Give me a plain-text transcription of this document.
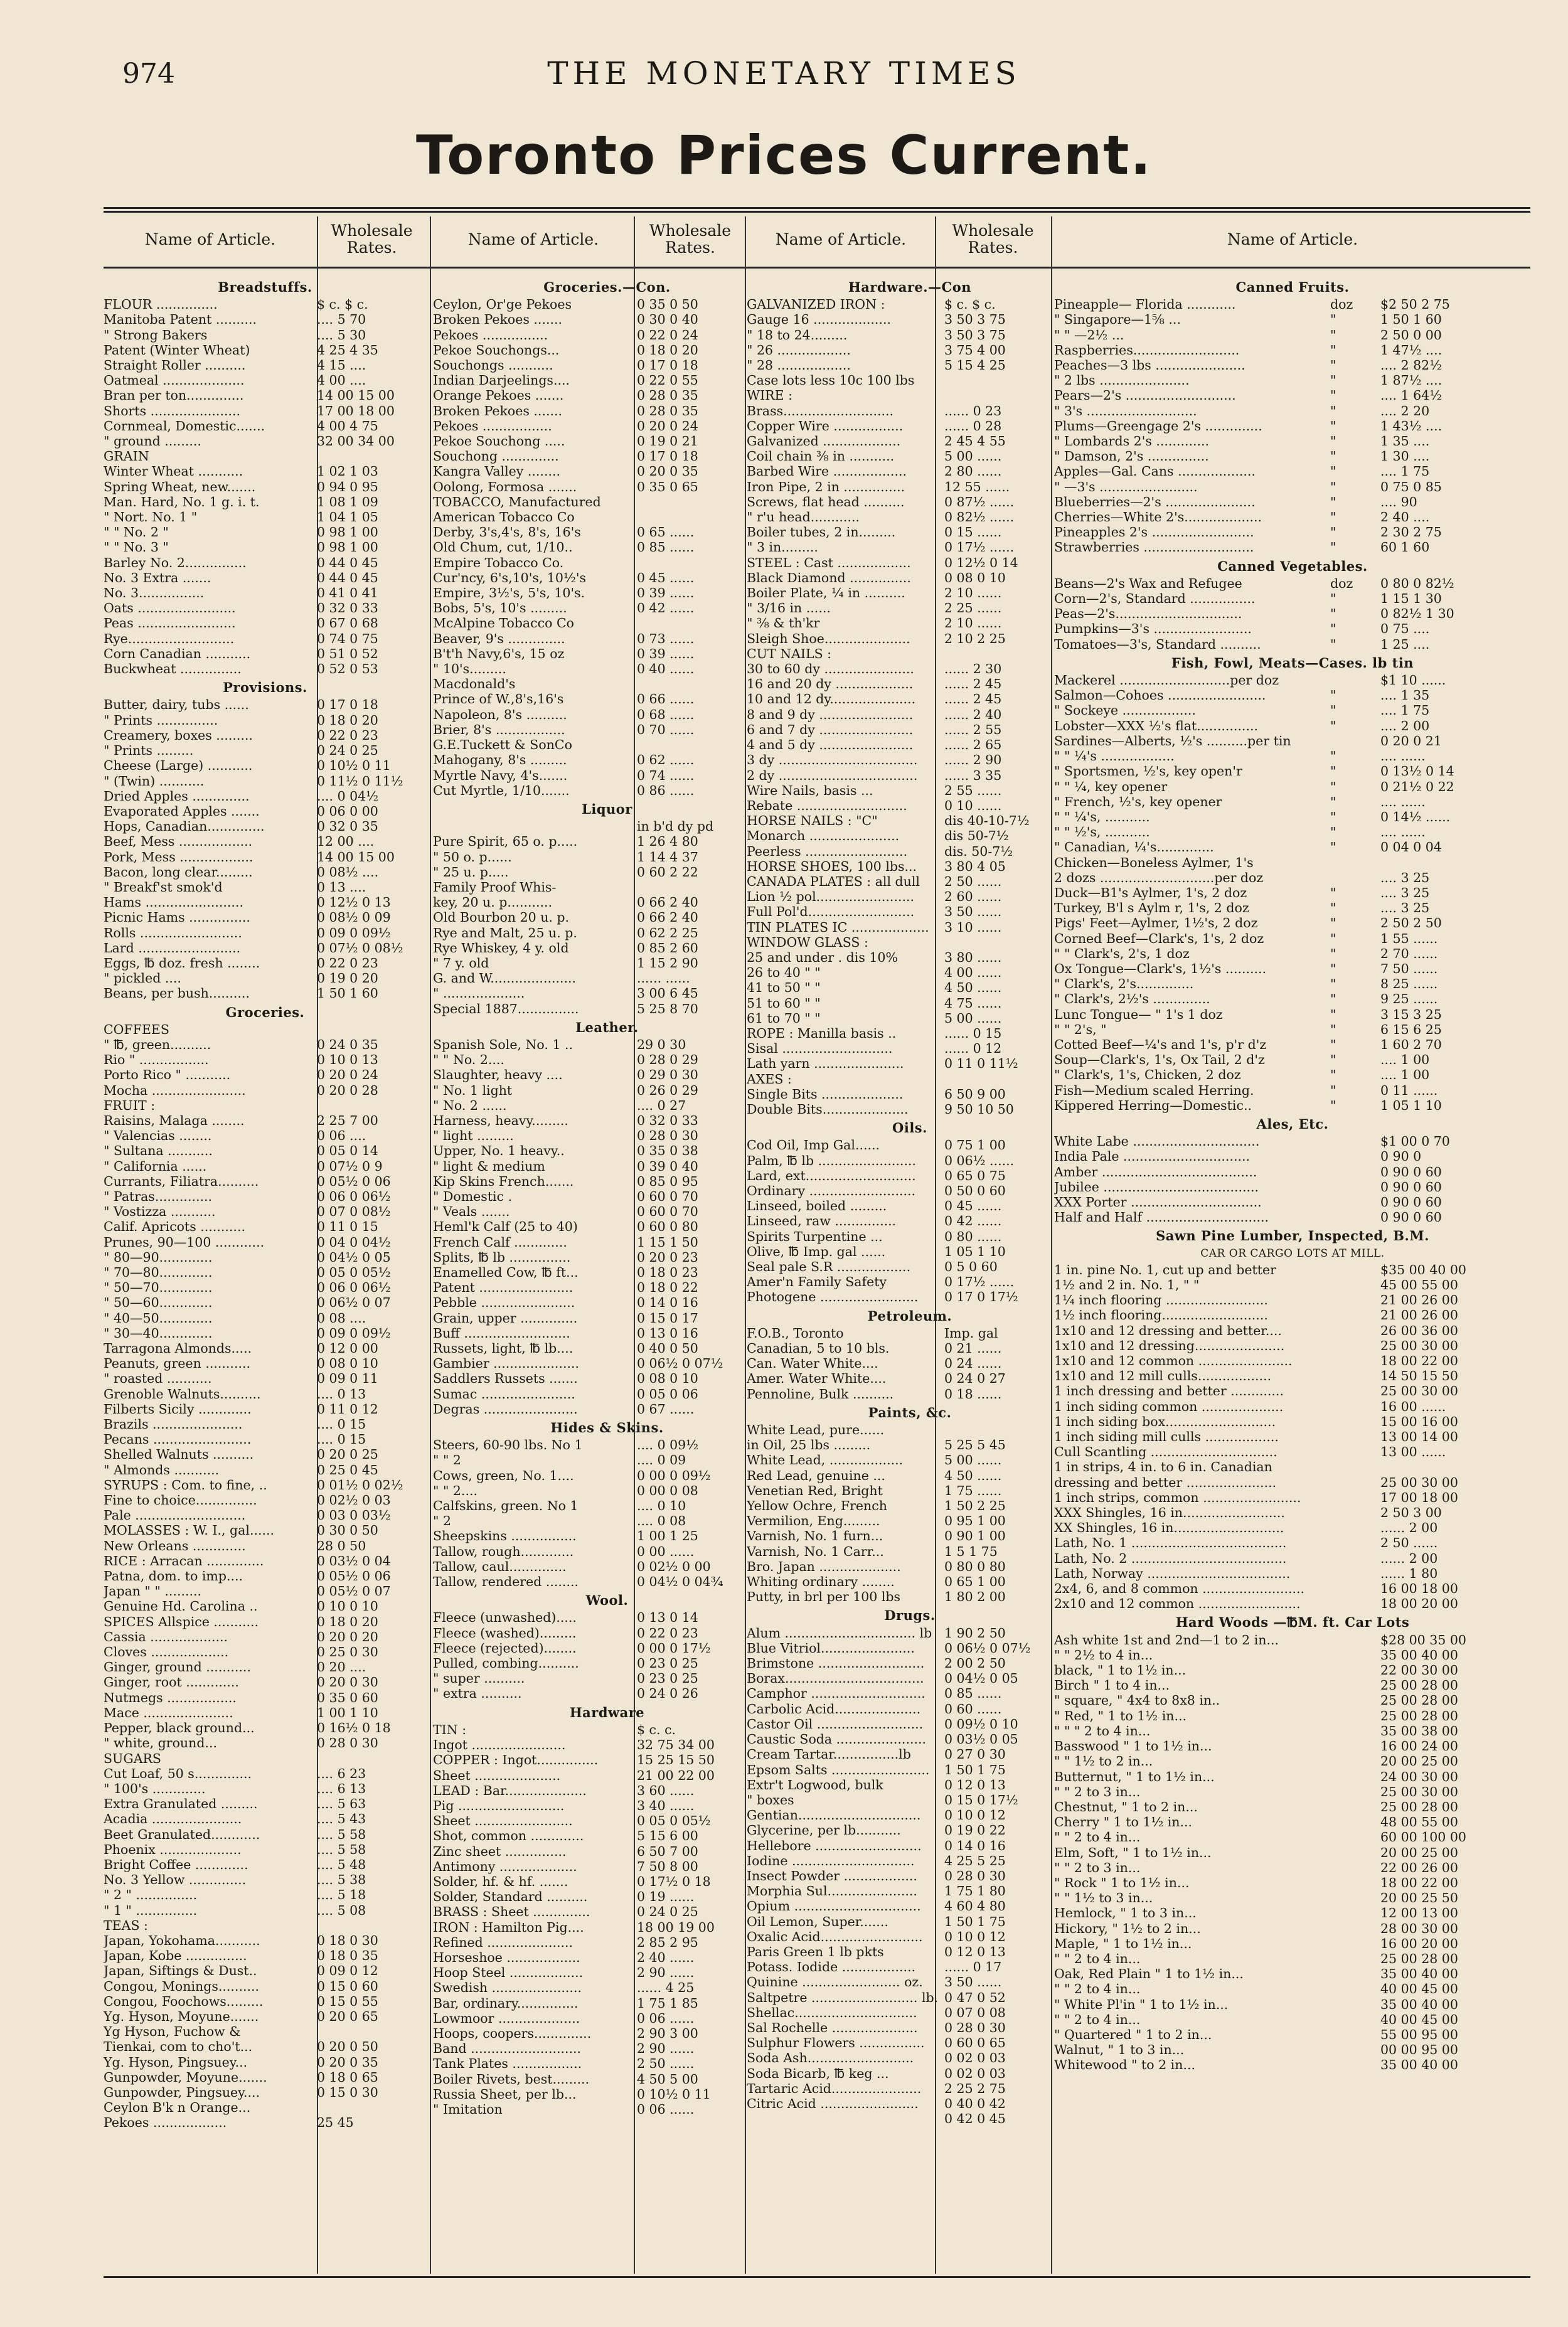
974	THE MONETARY TIMES
Toronto Prices Current.
Name of Article.	Wholesale Rates.	Name of Article.	Wholesale Rates.	Name of Article.	Wholesale Rates.	Name of Article.
Breadstuffs.
FLOUR ...............	$ c. $ c.
Manitoba Patent ..........	.... 5 70
" Strong Bakers	.... 5 30
Patent (Winter Wheat)	4 25 4 35
Straight Roller ..........	4 15 ....
Oatmeal ....................	4 00 ....
Bran per ton..............	14 00 15 00
Shorts ......................	17 00 18 00
Cornmeal, Domestic.......	4 00 4 75
" ground .........	32 00 34 00
GRAIN
Winter Wheat ...........	1 02 1 03
Spring Wheat, new.......	0 94 0 95
Man. Hard, No. 1 g. i. t.	1 08 1 09
" Nort. No. 1 "	1 04 1 05
" " No. 2 "	0 98 1 00
" " No. 3 "	0 98 1 00
Barley No. 2...............	0 44 0 45
No. 3 Extra .......	0 44 0 45
No. 3................	0 41 0 41
Oats ........................	0 32 0 33
Peas ........................	0 67 0 68
Rye..........................	0 74 0 75
Corn Canadian ...........	0 51 0 52
Buckwheat ...............	0 52 0 53
Provisions.
Butter, dairy, tubs ......	0 17 0 18
" Prints ...............	0 18 0 20
Creamery, boxes .........	0 22 0 23
" Prints .........	0 24 0 25
Cheese (Large) ...........	0 10½ 0 11
" (Twin) ...........	0 11½ 0 11½
Dried Apples ..............	.... 0 04½
Evaporated Apples .......	0 06 0 00
Hops, Canadian..............	0 32 0 35
Beef, Mess ..................	12 00 ....
Pork, Mess ..................	14 00 15 00
Bacon, long clear.........	0 08½ ....
" Breakf'st smok'd	0 13 ....
Hams ........................	0 12½ 0 13
Picnic Hams ...............	0 08½ 0 09
Rolls .........................	0 09 0 09½
Lard .........................	0 07½ 0 08½
Eggs, ℔ doz. fresh ........	0 22 0 23
" pickled ....	0 19 0 20
Beans, per bush..........	1 50 1 60
Groceries.
COFFEES
" ℔, green..........	0 24 0 35
Rio " .................	0 10 0 13
Porto Rico " ...........	0 20 0 24
Mocha .......................	0 20 0 28
FRUIT :
Raisins, Malaga ........	2 25 7 00
" Valencias ........	0 06 ....
" Sultana ...........	0 05 0 14
" California ......	0 07½ 0 9
Currants, Filiatra..........	0 05½ 0 06
" Patras..............	0 06 0 06½
" Vostizza ...........	0 07 0 08½
Calif. Apricots ...........	0 11 0 15
Prunes, 90—100 ............	0 04 0 04½
" 80—90.............	0 04½ 0 05
" 70—80.............	0 05 0 05½
" 50—70.............	0 06 0 06½
" 50—60.............	0 06½ 0 07
" 40—50.............	0 08 ....
" 30—40.............	0 09 0 09½
Tarragona Almonds.....	0 12 0 00
Peanuts, green ...........	0 08 0 10
" roasted ...........	0 09 0 11
Grenoble Walnuts..........	.... 0 13
Filberts Sicily .............	0 11 0 12
Brazils ......................	.... 0 15
Pecans ........................	.... 0 15
Shelled Walnuts ..........	0 20 0 25
" Almonds ...........	0 25 0 45
SYRUPS : Com. to fine, ..	0 01½ 0 02½
Fine to choice...............	0 02½ 0 03
Pale ...........................	0 03 0 03½
MOLASSES : W. I., gal......	0 30 0 50
New Orleans .............	28 0 50
RICE : Arracan ..............	0 03½ 0 04
Patna, dom. to imp....	0 05½ 0 06
Japan " " .........	0 05½ 0 07
Genuine Hd. Carolina ..	0 10 0 10
SPICES Allspice ...........	0 18 0 20
Cassia ...................	0 20 0 20
Cloves ...................	0 25 0 30
Ginger, ground ...........	0 20 ....
Ginger, root .............	0 20 0 30
Nutmegs .................	0 35 0 60
Mace ......................	1 00 1 10
Pepper, black ground...	0 16½ 0 18
" white, ground...	0 28 0 30
SUGARS
Cut Loaf, 50 s..............	.... 6 23
" 100's .............	.... 6 13
Extra Granulated .........	.... 5 63
Acadia ......................	.... 5 43
Beet Granulated............	.... 5 58
Phoenix ....................	.... 5 58
Bright Coffee .............	.... 5 48
No. 3 Yellow ..............	.... 5 38
" 2 " ...............	.... 5 18
" 1 " ...............	.... 5 08
TEAS :
Japan, Yokohama...........	0 18 0 30
Japan, Kobe ...............	0 18 0 35
Japan, Siftings & Dust..	0 09 0 12
Congou, Monings..........	0 15 0 60
Congou, Foochows.........	0 15 0 55
Yg. Hyson, Moyune.......	0 20 0 65
Yg Hyson, Fuchow &
Tienkai, com to cho't...	0 20 0 50
Yg. Hyson, Pingsuey...	0 20 0 35
Gunpowder, Moyune.......	0 18 0 65
Gunpowder, Pingsuey....	0 15 0 30
Ceylon B'k n Orange...
Pekoes ..................	25 45
Groceries.—Con.
Ceylon, Or'ge Pekoes	0 35 0 50
Broken Pekoes .......	0 30 0 40
Pekoes ................	0 22 0 24
Pekoe Souchongs...	0 18 0 20
Souchongs ...........	0 17 0 18
Indian Darjeelings....	0 22 0 55
Orange Pekoes .......	0 28 0 35
Broken Pekoes .......	0 28 0 35
Pekoes .................	0 20 0 24
Pekoe Souchong .....	0 19 0 21
Souchong ..............	0 17 0 18
Kangra Valley ........	0 20 0 35
Oolong, Formosa .......	0 35 0 65
TOBACCO, Manufactured
American Tobacco Co
Derby, 3's,4's, 8's, 16's	0 65 ......
Old Chum, cut, 1/10..	0 85 ......
Empire Tobacco Co.
Cur'ncy, 6's,10's, 10½'s	0 45 ......
Empire, 3½'s, 5's, 10's.	0 39 ......
Bobs, 5's, 10's .........	0 42 ......
McAlpine Tobacco Co
Beaver, 9's ..............	0 73 ......
B't'h Navy,6's, 15 oz	0 39 ......
" 10's.........	0 40 ......
Macdonald's
Prince of W.,8's,16's	0 66 ......
Napoleon, 8's ..........	0 68 ......
Brier, 8's .................	0 70 ......
G.E.Tuckett & SonCo
Mahogany, 8's .........	0 62 ......
Myrtle Navy, 4's.......	0 74 ......
Cut Myrtle, 1/10.......	0 86 ......
Liquor
in b'd dy pd
Pure Spirit, 65 o. p.....	1 26 4 80
" 50 o. p......	1 14 4 37
" 25 u. p.....	0 60 2 22
Family Proof Whis-
key, 20 u. p...........	0 66 2 40
Old Bourbon 20 u. p.	0 66 2 40
Rye and Malt, 25 u. p.	0 62 2 25
Rye Whiskey, 4 y. old	0 85 2 60
" 7 y. old	1 15 2 90
G. and W.....................	...... ......
" ....................	3 00 6 45
Special 1887...............	5 25 8 70
Leather.
Spanish Sole, No. 1 ..	29 0 30
" " No. 2....	0 28 0 29
Slaughter, heavy ....	0 29 0 30
" No. 1 light	0 26 0 29
" No. 2 ......	.... 0 27
Harness, heavy.........	0 32 0 33
" light .........	0 28 0 30
Upper, No. 1 heavy..	0 35 0 38
" light & medium	0 39 0 40
Kip Skins French.......	0 85 0 95
" Domestic .	0 60 0 70
" Veals .......	0 60 0 70
Heml'k Calf (25 to 40)	0 60 0 80
French Calf .............	1 15 1 50
Splits, ℔ lb ...............	0 20 0 23
Enamelled Cow, ℔ ft...	0 18 0 23
Patent .......................	0 18 0 22
Pebble .......................	0 14 0 16
Grain, upper ..............	0 15 0 17
Buff ..........................	0 13 0 16
Russets, light, ℔ lb....	0 40 0 50
Gambier .....................	0 06½ 0 07½
Saddlers Russets .......	0 08 0 10
Sumac .......................	0 05 0 06
Degras .......................	0 67 ......
Hides & Skins.
Steers, 60-90 lbs. No 1	.... 0 09½
" " 2	.... 0 09
Cows, green, No. 1....	0 00 0 09½
" " 2....	0 00 0 08
Calfskins, green. No 1	.... 0 10
" 2	.... 0 08
Sheepskins ................	1 00 1 25
Tallow, rough.............	0 00 ......
Tallow, caul..............	0 02½ 0 00
Tallow, rendered ........	0 04½ 0 04¾
Wool.
Fleece (unwashed).....	0 13 0 14
Fleece (washed).........	0 22 0 23
Fleece (rejected)........	0 00 0 17½
Pulled, combing..........	0 23 0 25
" super ..........	0 23 0 25
" extra ..........	0 24 0 26
Hardware
TIN :	$ c. c.
Ingot .......................	32 75 34 00
COPPER : Ingot...............	15 25 15 50
Sheet .....................	21 00 22 00
LEAD : Bar....................	3 60 ......
Pig ..........................	3 40 ......
Sheet ........................	0 05 0 05½
Shot, common .............	5 15 6 00
Zinc sheet ...............	6 50 7 00
Antimony ...................	7 50 8 00
Solder, hf. & hf. .......	0 17½ 0 18
Solder, Standard ..........	0 19 ......
BRASS : Sheet ..............	0 24 0 25
IRON : Hamilton Pig....	18 00 19 00
Refined .....................	2 85 2 95
Horseshoe ..................	2 40 ......
Hoop Steel ..................	2 90 ......
Swedish ......................	...... 4 25
Bar, ordinary...............	1 75 1 85
Lowmoor ....................	0 06 ......
Hoops, coopers..............	2 90 3 00
Band ...........................	2 90 ......
Tank Plates .................	2 50 ......
Boiler Rivets, best.........	4 50 5 00
Russia Sheet, per lb...	0 10½ 0 11
" Imitation	0 06 ......
Hardware.—Con
GALVANIZED IRON :	$ c. $ c.
Gauge 16 ...................	3 50 3 75
" 18 to 24.........	3 50 3 75
" 26 ..................	3 75 4 00
" 28 ..................	5 15 4 25
Case lots less 10c 100 lbs
WIRE :
Brass...........................	...... 0 23
Copper Wire .................	...... 0 28
Galvanized ...................	2 45 4 55
Coil chain ⅜ in ...........	5 00 ......
Barbed Wire ..................	2 80 ......
Iron Pipe, 2 in ...............	12 55 ......
Screws, flat head ..........	0 87½ ......
" r'u head............	0 82½ ......
Boiler tubes, 2 in.........	0 15 ......
" 3 in.........	0 17½ ......
STEEL : Cast ..................	0 12½ 0 14
Black Diamond ...............	0 08 0 10
Boiler Plate, ¼ in ..........	2 10 ......
" 3/16 in ......	2 25 ......
" ⅜ & th'kr	2 10 ......
Sleigh Shoe.....................	2 10 2 25
CUT NAILS :
30 to 60 dy ......................	...... 2 30
16 and 20 dy ...................	...... 2 45
10 and 12 dy.....................	...... 2 45
8 and 9 dy .......................	...... 2 40
6 and 7 dy .......................	...... 2 55
4 and 5 dy .......................	...... 2 65
3 dy ..................................	...... 2 90
2 dy ..................................	...... 3 35
Wire Nails, basis ...	2 55 ......
Rebate ...........................	0 10 ......
HORSE NAILS : "C"	dis 40-10-7½
Monarch ......................	dis 50-7½
Peerless .........................	dis. 50-7½
HORSE SHOES, 100 lbs...	3 80 4 05
CANADA PLATES : all dull	2 50 ......
Lion ½ pol........................	2 60 ......
Full Pol'd..........................	3 50 ......
TIN PLATES IC ...................	3 10 ......
WINDOW GLASS :
25 and under . dis 10%	3 80 ......
26 to 40 " "	4 00 ......
41 to 50 " "	4 50 ......
51 to 60 " "	4 75 ......
61 to 70 " "	5 00 ......
ROPE : Manilla basis ..	...... 0 15
Sisal ...........................	...... 0 12
Lath yarn ......................	0 11 0 11½
AXES :
Single Bits ....................	6 50 9 00
Double Bits.....................	9 50 10 50
Oils.
Cod Oil, Imp Gal......	0 75 1 00
Palm, ℔ lb ........................	0 06½ ......
Lard, ext...........................	0 65 0 75
Ordinary ..........................	0 50 0 60
Linseed, boiled .........	0 45 ......
Linseed, raw ...............	0 42 ......
Spirits Turpentine ...	0 80 ......
Olive, ℔ Imp. gal ......	1 05 1 10
Seal pale S.R ..................	0 5 0 60
Amer'n Family Safety	0 17½ ......
Photogene ........................	0 17 0 17½
Petroleum.
F.O.B., Toronto	Imp. gal
Canadian, 5 to 10 bls.	0 21 ......
Can. Water White....	0 24 ......
Amer. Water White....	0 24 0 27
Pennoline, Bulk ..........	0 18 ......
Paints, &c.
White Lead, pure......
in Oil, 25 lbs .........	5 25 5 45
White Lead, ..................	5 00 ......
Red Lead, genuine ...	4 50 ......
Venetian Red, Bright	1 75 ......
Yellow Ochre, French	1 50 2 25
Vermilion, Eng.........	0 95 1 00
Varnish, No. 1 furn...	0 90 1 00
Varnish, No. 1 Carr...	1 5 1 75
Bro. Japan ....................	0 80 0 80
Whiting ordinary ........	0 65 1 00
Putty, in brl per 100 lbs	1 80 2 00
Drugs.
Alum ................................ lb 1 90 2 50
Blue Vitriol.......................	0 06½ 0 07½
Brimstone ..........................	2 00 2 50
Borax..................................	0 04½ 0 05
Camphor ............................	0 85 ......
Carbolic Acid.....................	0 60 ......
Castor Oil ..........................	0 09½ 0 10
Caustic Soda ......................	0 03½ 0 05
Cream Tartar................lb	0 27 0 30
Epsom Salts ........................	1 50 1 75
Extr't Logwood, bulk	0 12 0 13
" boxes	0 15 0 17½
Gentian..............................	0 10 0 12
Glycerine, per lb...........	0 19 0 22
Hellebore ..........................	0 14 0 16
Iodine ..............................	4 25 5 25
Insect Powder ..................	0 28 0 30
Morphia Sul......................	1 75 1 80
Opium ...............................	4 60 4 80
Oil Lemon, Super.......	1 50 1 75
Oxalic Acid.........................	0 10 0 12
Paris Green 1 lb pkts	0 12 0 13
Potass. Iodide ..................	...... 0 17
Quinine ........................ oz.	3 50 ......
Saltpetre .......................... lb. 0 47 0 52
Shellac..............................	0 07 0 08
Sal Rochelle .....................	0 28 0 30
Sulphur Flowers ................	0 60 0 65
Soda Ash..........................	0 02 0 03
Soda Bicarb, ℔ keg ...	0 02 0 03
Tartaric Acid......................	2 25 2 75
Citric Acid ........................	0 40 0 42
0 42 0 45
Canned Fruits.
Pineapple— Florida ............	doz	$2 50 2 75
" Singapore—1⅝ ...	"	1 50 1 60
" " —2½ ...	"	2 50 0 00
Raspberries..........................	"	1 47½ ....
Peaches—3 lbs ......................	"	.... 2 82½
" 2 lbs ......................	"	1 87½ ....
Pears—2's ...........................	"	.... 1 64½
" 3's ...........................	"	.... 2 20
Plums—Greengage 2's ..............	"	1 43½ ....
" Lombards 2's .............	"	1 35 ....
" Damson, 2's ...............	"	1 30 ....
Apples—Gal. Cans ...................	"	.... 1 75
" —3's ........................	"	0 75 0 85
Blueberries—2's ......................	"	.... 90
Cherries—White 2's...................	"	2 40 ....
Pineapples 2's .........................	"	2 30 2 75
Strawberries ...........................	"	60 1 60
Canned Vegetables.
Beans—2's Wax and Refugee	doz	0 80 0 82½
Corn—2's, Standard ................	"	1 15 1 30
Peas—2's...............................	"	0 82½ 1 30
Pumpkins—3's ........................	"	0 75 ....
Tomatoes—3's, Standard ..........	"	1 25 ....
Fish, Fowl, Meats—Cases. lb tin
Mackerel ...........................per doz	$1 10 ......
Salmon—Cohoes ........................	"	.... 1 35
" Sockeye ..................	"	.... 1 75
Lobster—XXX ½'s flat...............	"	.... 2 00
Sardines—Alberts, ½'s ..........per tin	0 20 0 21
" " ¼'s ..................	"	.... ......
" Sportsmen, ½'s, key open'r	"	0 13½ 0 14
" " ¼, key opener	"	0 21½ 0 22
" French, ½'s, key opener	"	.... ......
" " ¼'s, ...........	"	0 14½ ......
" " ½'s, ...........	"	.... ......
" Canadian, ¼'s..............	"	0 04 0 04
Chicken—Boneless Aylmer, 1's
2 dozs ............................per doz	.... 3 25
Duck—B1's Aylmer, 1's, 2 doz	"	.... 3 25
Turkey, B'l s Aylm r, 1's, 2 doz	"	.... 3 25
Pigs' Feet—Aylmer, 1½'s, 2 doz	"	2 50 2 50
Corned Beef—Clark's, 1's, 2 doz	"	1 55 ......
" " Clark's, 2's, 1 doz	"	2 70 ......
Ox Tongue—Clark's, 1½'s ..........	"	7 50 ......
" Clark's, 2's..............	"	8 25 ......
" Clark's, 2½'s ..............	"	9 25 ......
Lunc Tongue— " 1's 1 doz	"	3 15 3 25
" " 2's, "	"	6 15 6 25
Cotted Beef—¼'s and 1's, p'r d'z	"	1 60 2 70
Soup—Clark's, 1's, Ox Tail, 2 d'z	"	.... 1 00
" Clark's, 1's, Chicken, 2 doz	"	.... 1 00
Fish—Medium scaled Herring.	"	0 11 ......
Kippered Herring—Domestic..	"	1 05 1 10
Ales, Etc.
White Labe ...............................	$1 00 0 70
India Pale ...............................	0 90 0
Amber ......................................	0 90 0 60
Jubilee ......................................	0 90 0 60
XXX Porter ................................	0 90 0 60
Half and Half ..............................	0 90 0 60
Sawn Pine Lumber, Inspected, B.M.
CAR OR CARGO LOTS AT MILL.
1 in. pine No. 1, cut up and better	$35 00 40 00
1½ and 2 in. No. 1, " "	45 00 55 00
1¼ inch flooring .........................	21 00 26 00
1½ inch flooring..........................	21 00 26 00
1x10 and 12 dressing and better....	26 00 36 00
1x10 and 12 dressing......................	25 00 30 00
1x10 and 12 common .......................	18 00 22 00
1x10 and 12 mill culls..................	14 50 15 50
1 inch dressing and better .............	25 00 30 00
1 inch siding common ....................	16 00 ......
1 inch siding box...........................	15 00 16 00
1 inch siding mill culls ..................	13 00 14 00
Cull Scantling ...............................	13 00 ......
1 in strips, 4 in. to 6 in. Canadian
dressing and better ......................	25 00 30 00
1 inch strips, common ........................	17 00 18 00
XXX Shingles, 16 in.........................	2 50 3 00
XX Shingles, 16 in...........................	...... 2 00
Lath, No. 1 ......................................	2 50 ......
Lath, No. 2 ......................................	...... 2 00
Lath, Norway ...................................	...... 1 80
2x4, 6, and 8 common .........................	16 00 18 00
2x10 and 12 common .........................	18 00 20 00
Hard Woods —℔M. ft. Car Lots
Ash white 1st and 2nd—1 to 2 in...	$28 00 35 00
" " 2½ to 4 in...	35 00 40 00
black, " 1 to 1½ in...	22 00 30 00
Birch " 1 to 4 in...	25 00 28 00
" square, " 4x4 to 8x8 in..	25 00 28 00
" Red, " 1 to 1½ in...	25 00 28 00
" " " 2 to 4 in...	35 00 38 00
Basswood " 1 to 1½ in...	16 00 24 00
" " 1½ to 2 in...	20 00 25 00
Butternut, " 1 to 1½ in...	24 00 30 00
" " 2 to 3 in...	25 00 30 00
Chestnut, " 1 to 2 in...	25 00 28 00
Cherry " 1 to 1½ in...	48 00 55 00
" " 2 to 4 in...	60 00 100 00
Elm, Soft, " 1 to 1½ in...	20 00 25 00
" " 2 to 3 in...	22 00 26 00
" Rock " 1 to 1½ in...	18 00 22 00
" " 1½ to 3 in...	20 00 25 50
Hemlock, " 1 to 3 in...	12 00 13 00
Hickory, " 1½ to 2 in...	28 00 30 00
Maple, " 1 to 1½ in...	16 00 20 00
" " 2 to 4 in...	25 00 28 00
Oak, Red Plain " 1 to 1½ in...	35 00 40 00
" " 2 to 4 in...	40 00 45 00
" White Pl'in " 1 to 1½ in...	35 00 40 00
" " 2 to 4 in...	40 00 45 00
" Quartered " 1 to 2 in...	55 00 95 00
Walnut, " 1 to 3 in...	00 00 95 00
Whitewood " to 2 in...	35 00 40 00
